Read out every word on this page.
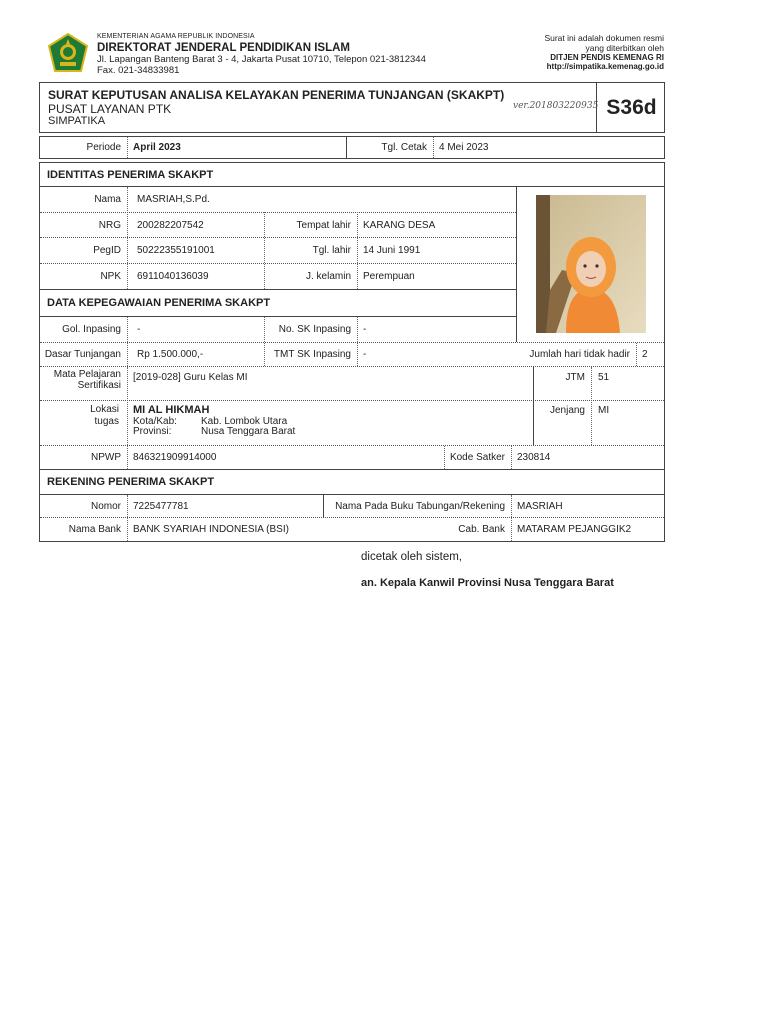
KEMENTERIAN AGAMA REPUBLIK INDONESIA
DIREKTORAT JENDERAL PENDIDIKAN ISLAM
Jl. Lapangan Banteng Barat 3 - 4, Jakarta Pusat 10710, Telepon 021-3812344
Fax. 021-34833981
Surat ini adalah dokumen resmi
yang diterbitkan oleh
DITJEN PENDIS KEMENAG RI
http://simpatika.kemenag.go.id
SURAT KEPUTUSAN ANALISA KELAYAKAN PENERIMA TUNJANGAN (SKAKPT)
PUSAT LAYANAN PTK
SIMPATIKA
ver.201803220935 S36d
Periode	April 2023	Tgl. Cetak	4 Mei 2023
IDENTITAS PENERIMA SKAKPT
Nama	MASRIAH,S.Pd.
NRG	200282207542	Tempat lahir	KARANG DESA
PegID	50222355191001	Tgl. lahir	14 Juni 1991
NPK	6911040136039	J. kelamin	Perempuan
DATA KEPEGAWAIAN PENERIMA SKAKPT
Gol. Inpasing	-	No. SK Inpasing	-
Dasar Tunjangan	Rp 1.500.000,-	TMT SK Inpasing	-	Jumlah hari tidak hadir	2
Mata Pelajaran
Sertifikasi
[2019-028] Guru Kelas MI	JTM 51
Lokasi
tugas
MI AL HIKMAH
Kota/Kab:	Kab. Lombok Utara
Provinsi:	Nusa Tenggara Barat
Jenjang MI
NPWP	846321909914000	Kode Satker	230814
REKENING PENERIMA SKAKPT
Nomor	7225477781	Nama Pada Buku Tabungan/Rekening	MASRIAH
Nama Bank	BANK SYARIAH INDONESIA (BSI)	Cab. Bank	MATARAM PEJANGGIK2
dicetak oleh sistem,
an. Kepala Kanwil Provinsi Nusa Tenggara Barat
